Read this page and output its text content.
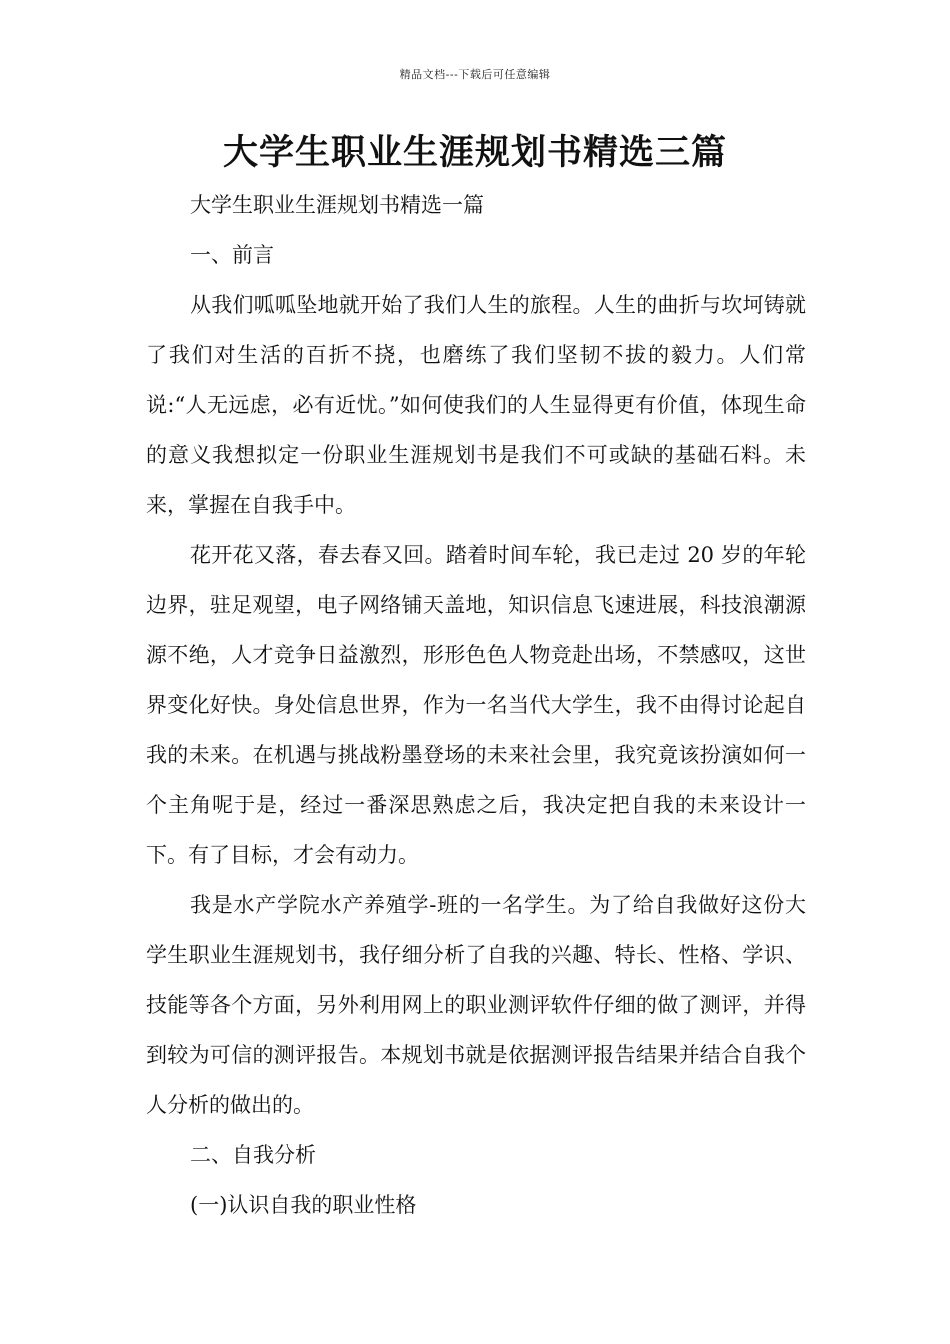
精品文档---下载后可任意编辑
大学生职业生涯规划书精选三篇

大学生职业生涯规划书精选一篇

一、前言

从我们呱呱坠地就开始了我们人生的旅程。人生的曲折与坎坷铸就了我们对生活的百折不挠，也磨练了我们坚韧不拔的毅力。人们常说:“人无远虑，必有近忧。”如何使我们的人生显得更有价值，体现生命的意义我想拟定一份职业生涯规划书是我们不可或缺的基础石料。未来，掌握在自我手中。

花开花又落，春去春又回。踏着时间车轮，我已走过 20 岁的年轮边界，驻足观望，电子网络铺天盖地，知识信息飞速进展，科技浪潮源源不绝，人才竞争日益激烈，形形色色人物竞赴出场，不禁感叹，这世界变化好快。身处信息世界，作为一名当代大学生，我不由得讨论起自我的未来。在机遇与挑战粉墨登场的未来社会里，我究竟该扮演如何一个主角呢于是，经过一番深思熟虑之后，我决定把自我的未来设计一下。有了目标，才会有动力。

我是水产学院水产养殖学-班的一名学生。为了给自我做好这份大学生职业生涯规划书，我仔细分析了自我的兴趣、特长、性格、学识、技能等各个方面，另外利用网上的职业测评软件仔细的做了测评，并得到较为可信的测评报告。本规划书就是依据测评报告结果并结合自我个人分析的做出的。

二、自我分析

(一)认识自我的职业性格
